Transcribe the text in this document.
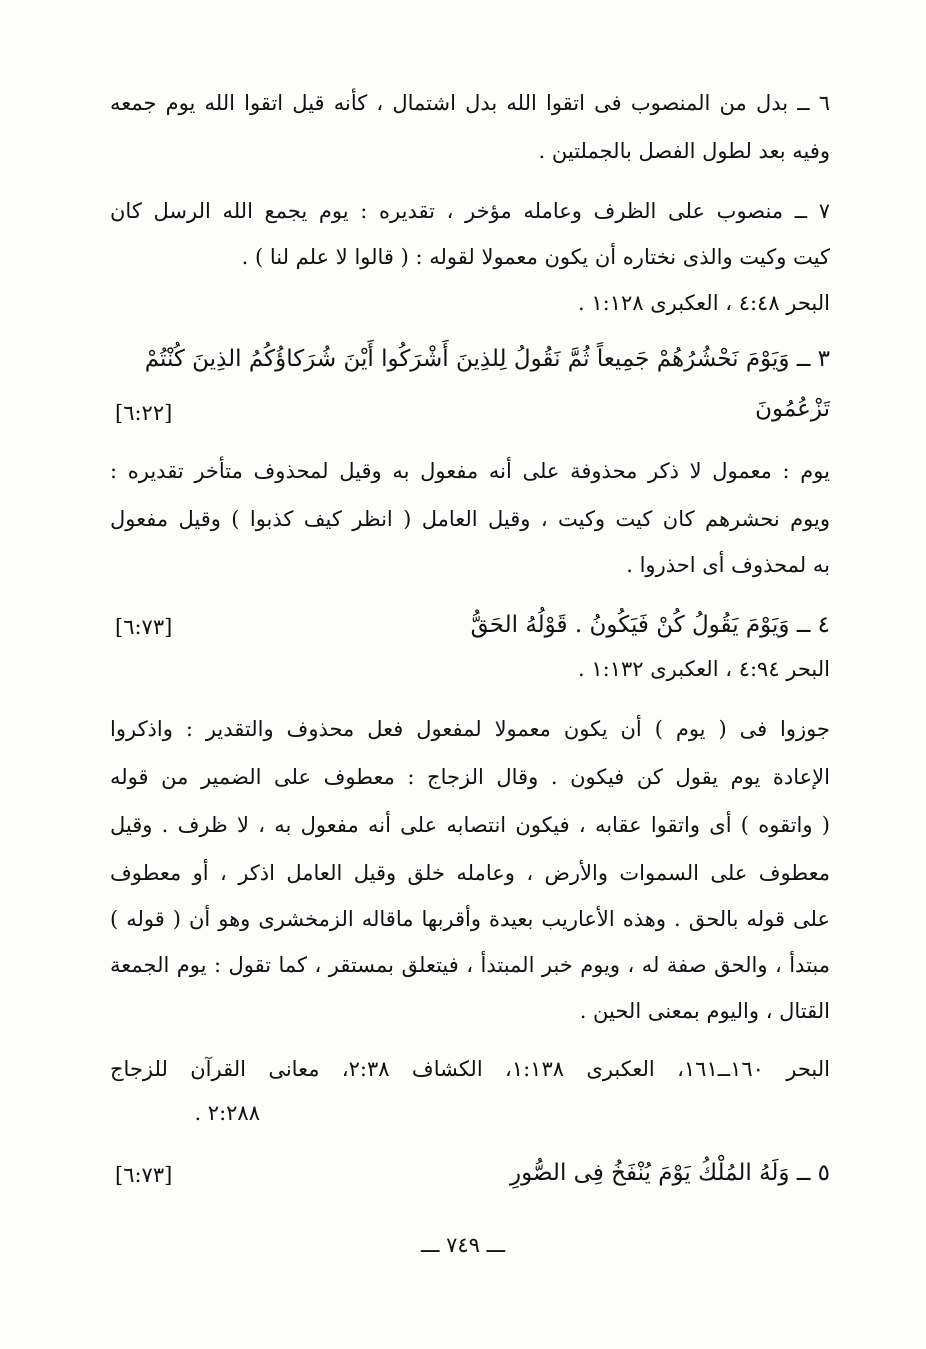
٦ ــ بدل من المنصوب فى اتقوا الله بدل اشتمال ، كأنه قيل اتقوا الله يوم جمعه
وفيه بعد لطول الفصل بالجملتين .
٧ ــ منصوب على الظرف وعامله مؤخر ، تقديره : يوم يجمع الله الرسل كان
كيت وكيت والذى نختاره أن يكون معمولا لقوله : ( قالوا لا علم لنا ) .
البحر ٤:٤٨ ، العكبرى ١:١٢٨ .
٣ ــ وَيَوْمَ نَحْشُرُهُمْ جَمِيعاً ثُمَّ نَقُولُ لِلذِينَ أَشْرَكُوا أَيْنَ شُرَكاؤُكُمُ الذِينَ كُنْتُمْ
تَزْعُمُونَ
[٦:٢٢]
يوم : معمول لا ذكر محذوفة على أنه مفعول به وقيل لمحذوف متأخر تقديره :
ويوم نحشرهم كان كيت وكيت ، وقيل العامل ( انظر كيف كذبوا ) وقيل مفعول
به لمحذوف أى احذروا .
٤ ــ وَيَوْمَ يَقُولُ كُنْ فَيَكُونُ . قَوْلُهُ الحَقُّ
[٦:٧٣]
البحر ٤:٩٤ ، العكبرى ١:١٣٢ .
جوزوا فى ( يوم ) أن يكون معمولا لمفعول فعل محذوف والتقدير : واذكروا
الإعادة يوم يقول كن فيكون . وقال الزجاج : معطوف على الضمير من قوله
( واتقوه ) أى واتقوا عقابه ، فيكون انتصابه على أنه مفعول به ، لا ظرف . وقيل
معطوف على السموات والأرض ، وعامله خلق وقيل العامل اذكر ، أو معطوف
على قوله بالحق . وهذه الأعاريب بعيدة وأقربها ماقاله الزمخشرى وهو أن ( قوله )
مبتدأ ، والحق صفة له ، ويوم خبر المبتدأ ، فيتعلق بمستقر ، كما تقول : يوم الجمعة
القتال ، واليوم بمعنى الحين .
البحر ١٦٠ــ١٦١، العكبرى ١:١٣٨، الكشاف ٢:٣٨، معانى القرآن للزجاج
٢:٢٨٨ .
٥ ــ وَلَهُ المُلْكُ يَوْمَ يُنْفَخُ فِى الصُّورِ
[٦:٧٣]
ـــ ٧٤٩ ـــ
